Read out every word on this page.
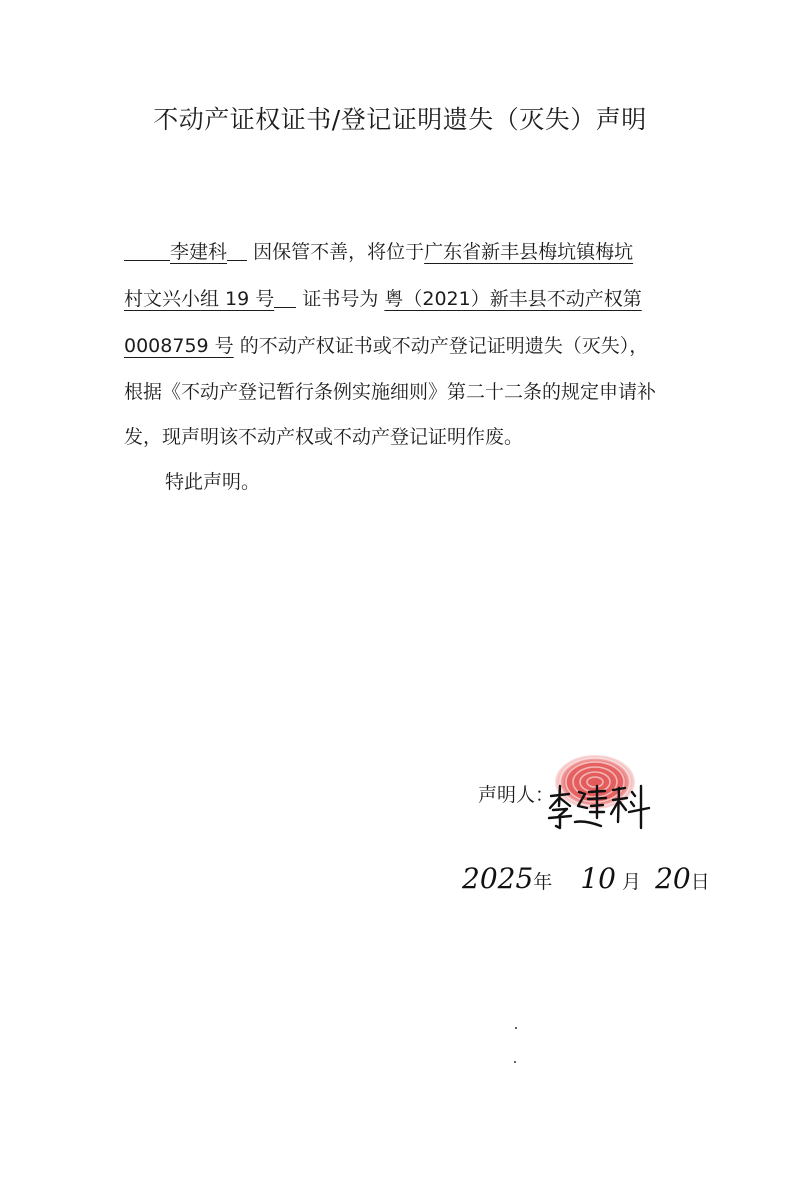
不动产证权证书/登记证明遗失（灭失）声明
李建科 因保管不善，将位于广东省新丰县梅坑镇梅坑
村文兴小组 19 号 证书号为 粤（2021）新丰县不动产权第
0008759 号 的不动产权证书或不动产登记证明遗失（灭失），
根据《不动产登记暂行条例实施细则》第二十二条的规定申请补
发，现声明该不动产权或不动产登记证明作废。
特此声明。
声明人：
2025年 10 月 20日
